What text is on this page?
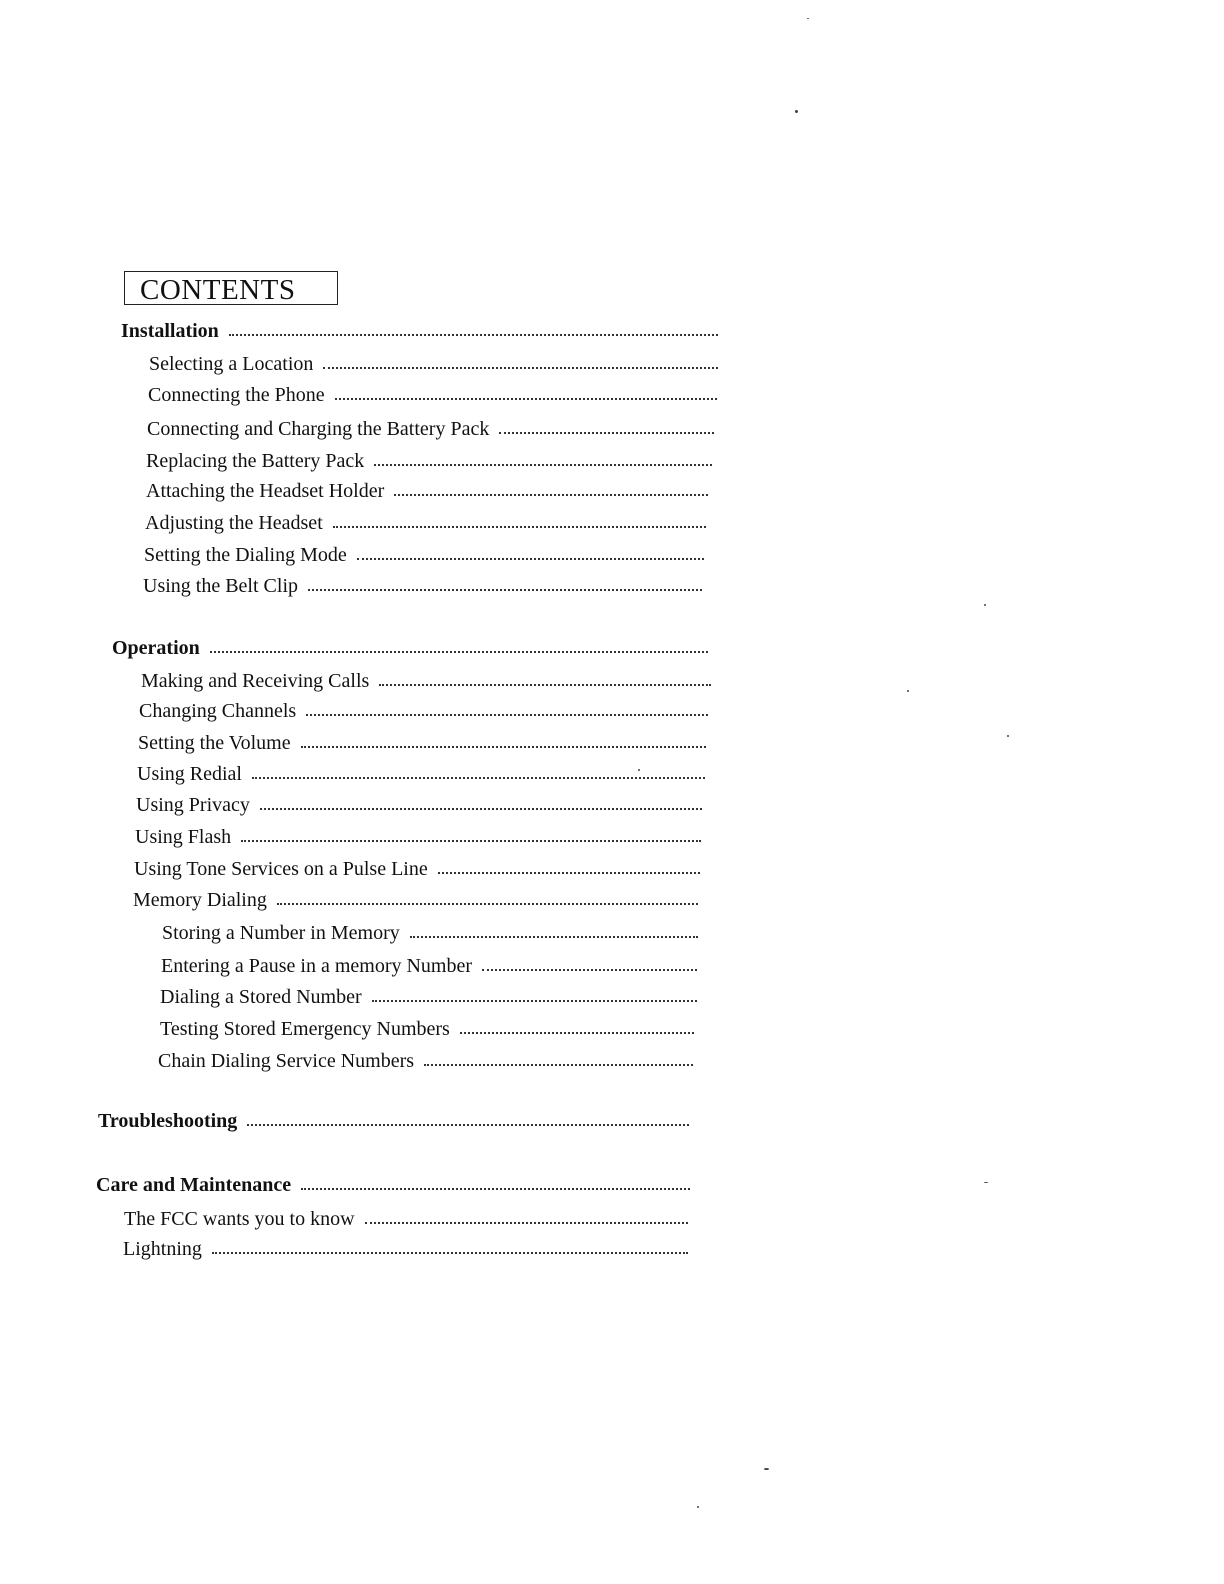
CONTENTS
Installation
Selecting a Location
Connecting the Phone
Connecting and Charging the Battery Pack
Replacing the Battery Pack
Attaching the Headset Holder
Adjusting the Headset
Setting the Dialing Mode
Using the Belt Clip
Operation
Making and Receiving Calls
Changing Channels
Setting the Volume
Using Redial
Using Privacy
Using Flash
Using Tone Services on a Pulse Line
Memory Dialing
Storing a Number in Memory
Entering a Pause in a memory Number
Dialing a Stored Number
Testing Stored Emergency Numbers
Chain Dialing Service Numbers
Troubleshooting
Care and Maintenance
The FCC wants you to know
Lightning
